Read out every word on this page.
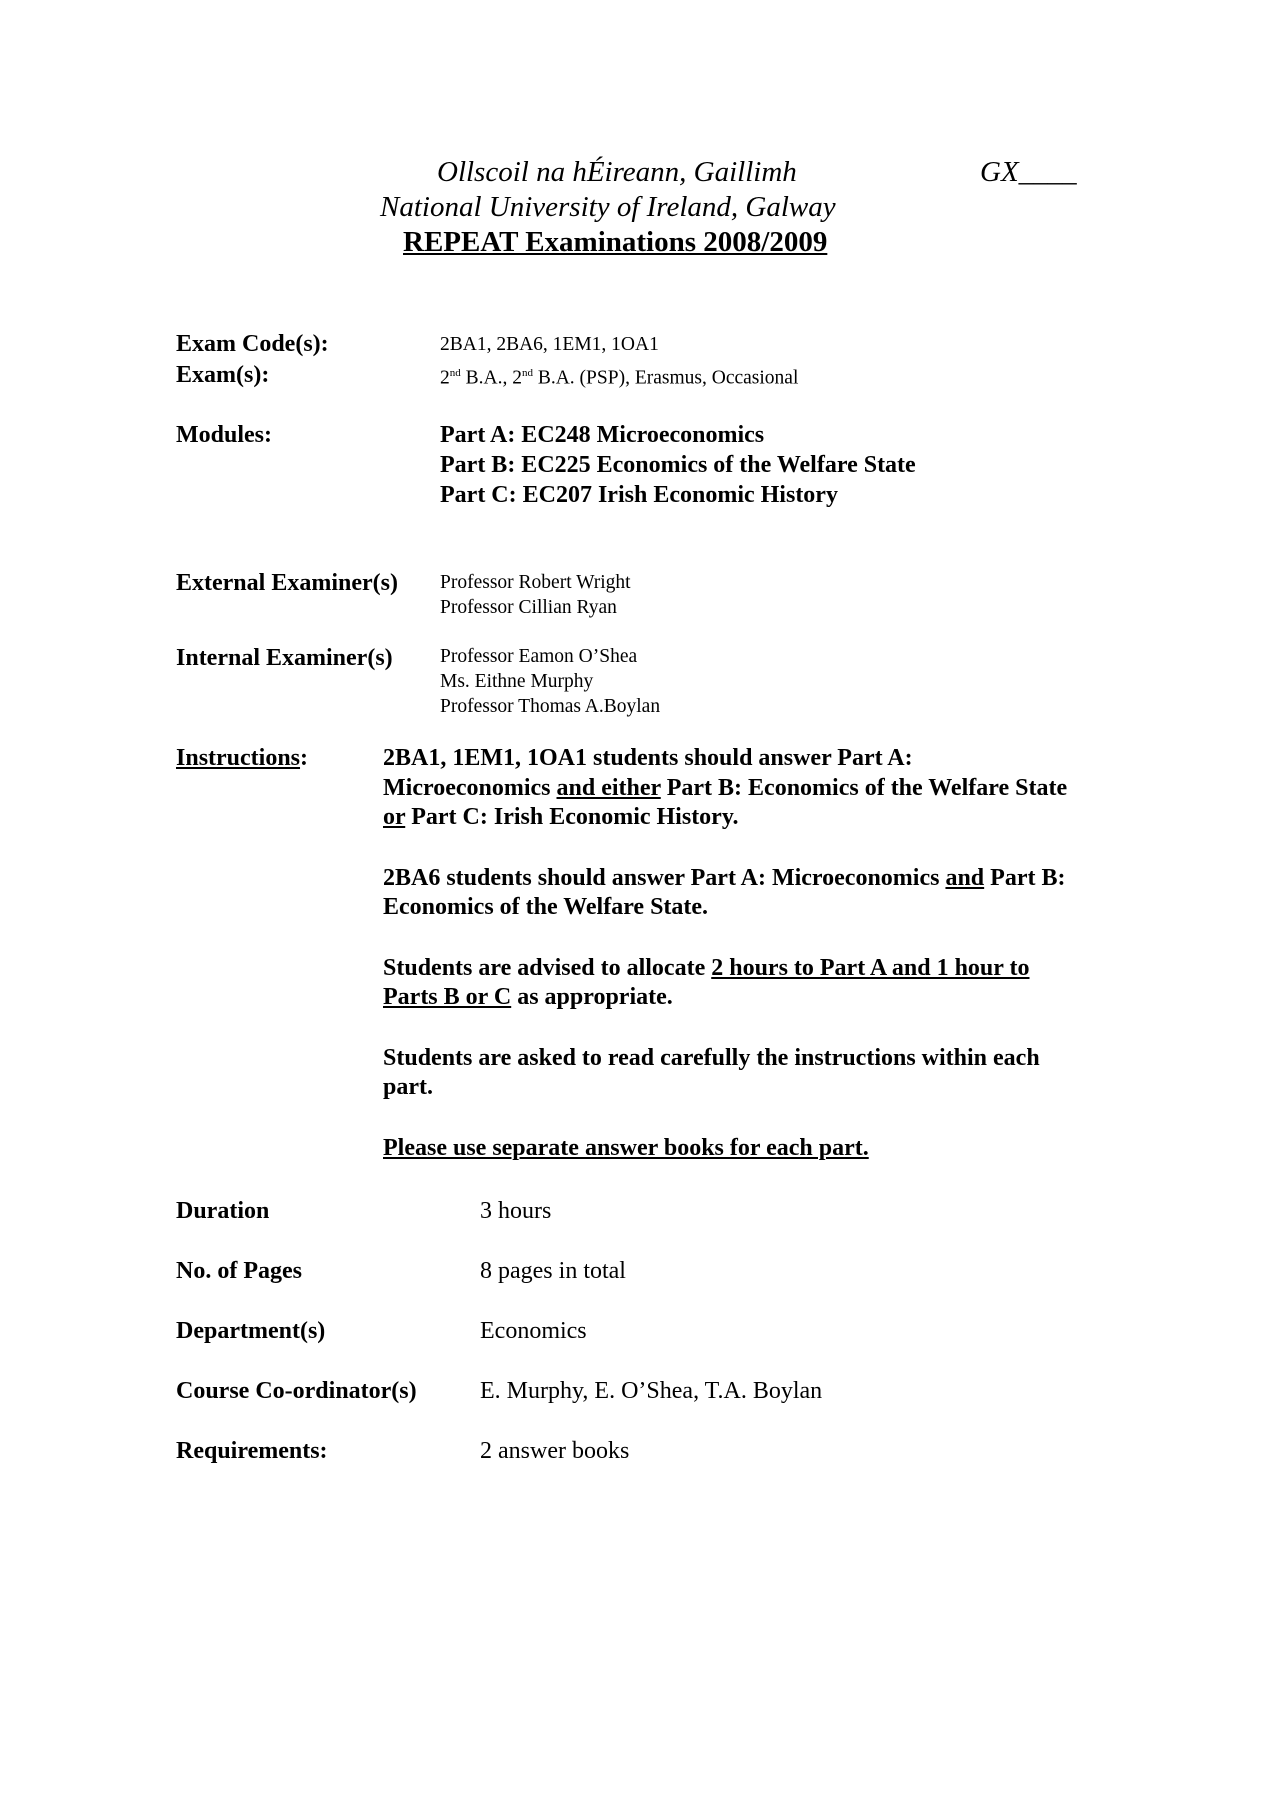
Ollscoil na hÉireann, Gaillimh	GX____
National University of Ireland, Galway
REPEAT Examinations 2008/2009
Exam Code(s):	2BA1, 2BA6, 1EM1, 1OA1
Exam(s):	2nd B.A., 2nd B.A. (PSP), Erasmus, Occasional
Modules:	Part A: EC248 Microeconomics
Part B: EC225 Economics of the Welfare State
Part C: EC207 Irish Economic History
External Examiner(s) Professor Robert Wright
Professor Cillian Ryan
Internal Examiner(s) Professor Eamon O’Shea
Ms. Eithne Murphy
Professor Thomas A.Boylan
Instructions:	2BA1, 1EM1, 1OA1 students should answer Part A: Microeconomics and either Part B: Economics of the Welfare State or Part C: Irish Economic History.

2BA6 students should answer Part A: Microeconomics and Part B: Economics of the Welfare State.

Students are advised to allocate 2 hours to Part A and 1 hour to Parts B or C as appropriate.

Students are asked to read carefully the instructions within each part.

Please use separate answer books for each part.

Duration	3 hours
No. of Pages	8 pages in total
Department(s)	Economics
Course Co-ordinator(s)	E. Murphy, E. O’Shea, T.A. Boylan
Requirements:	2 answer books
